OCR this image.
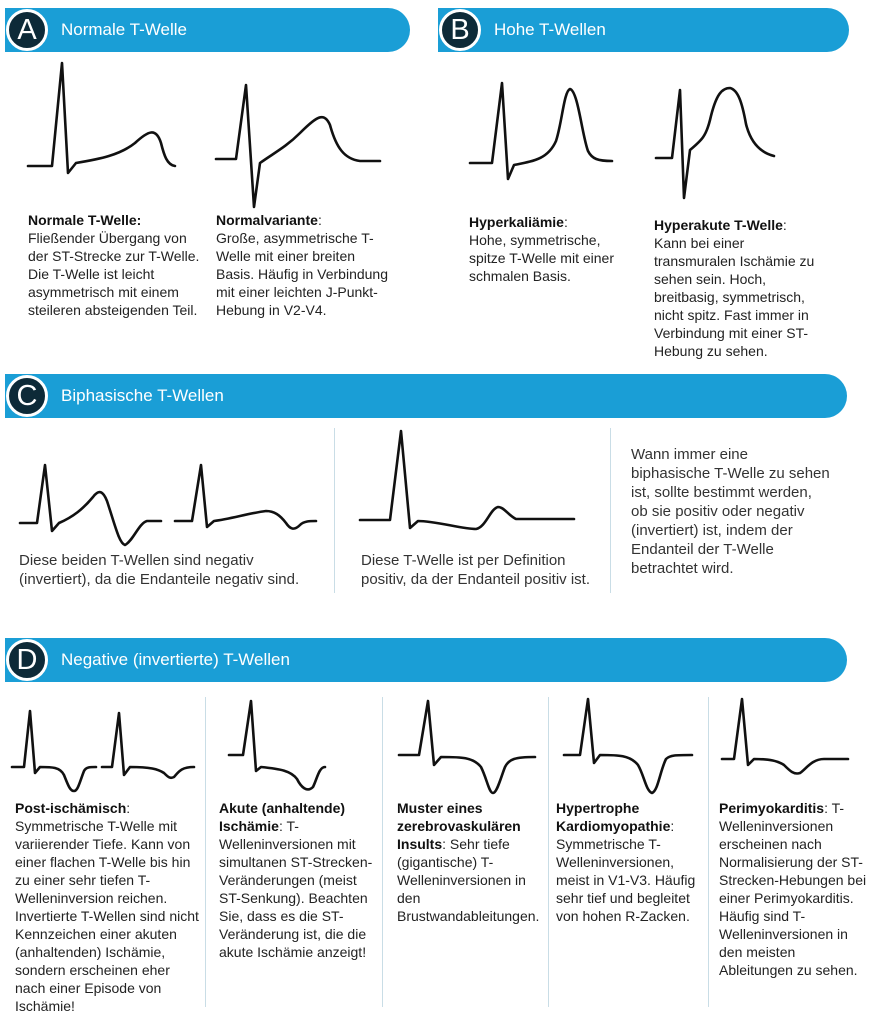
A	Normale T-Welle	B	Hohe T-Wellen
C	Biphasische T-Wellen
D	Negative (invertierte) T-Wellen
Normale T-Welle:
Fließender Übergang von der ST-Strecke zur T-Welle. Die T-Welle ist leicht asymmetrisch mit einem steileren absteigenden Teil.
Normalvariante:
Große, asymmetrische T-Welle mit einer breiten Basis. Häufig in Verbindung mit einer leichten J-Punkt-Hebung in V2-V4.
Hyperkaliämie:
Hohe, symmetrische, spitze T-Welle mit einer schmalen Basis.
Hyperakute T-Welle:
Kann bei einer transmuralen Ischämie zu sehen sein. Hoch, breitbasig, symmetrisch, nicht spitz. Fast immer in Verbindung mit einer ST-Hebung zu sehen.
Diese beiden T-Wellen sind negativ (invertiert), da die Endanteile negativ sind.
Diese T-Welle ist per Definition positiv, da der Endanteil positiv ist.
Wann immer eine biphasische T-Welle zu sehen ist, sollte bestimmt werden, ob sie positiv oder negativ (invertiert) ist, indem der Endanteil der T-Welle betrachtet wird.
Post-ischämisch:
Symmetrische T-Welle mit variierender Tiefe. Kann von einer flachen T-Welle bis hin zu einer sehr tiefen T-Welleninversion reichen. Invertierte T-Wellen sind nicht Kennzeichen einer akuten (anhaltenden) Ischämie, sondern erscheinen eher nach einer Episode von Ischämie!
Akute (anhaltende) Ischämie: T-Welleninversionen mit simultanen ST-Strecken-Veränderungen (meist ST-Senkung). Beachten Sie, dass es die ST-Veränderung ist, die die akute Ischämie anzeigt!
Muster eines zerebrovaskulären Insults: Sehr tiefe (gigantische) T-Welleninversionen in den Brustwandableitungen.
Hypertrophe Kardiomyopathie:
Symmetrische T-Welleninversionen, meist in V1-V3. Häufig sehr tief und begleitet von hohen R-Zacken.
Perimyokarditis: T-Welleninversionen erscheinen nach Normalisierung der ST-Strecken-Hebungen bei einer Perimyokarditis. Häufig sind T-Welleninversionen in den meisten Ableitungen zu sehen.
